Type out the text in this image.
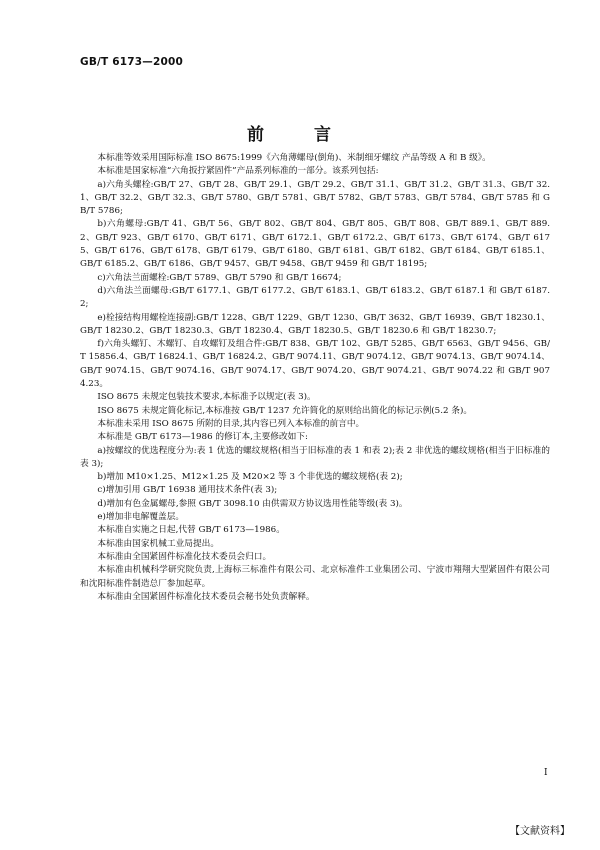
GB/T 6173—2000
前 言

本标准等效采用国际标准 ISO 8675:1999《六角薄螺母(倒角)、米制细牙螺纹 产品等级 A 和 B 级》。

本标准是国家标准“六角扳拧紧固件”产品系列标准的一部分。该系列包括:

a)六角头螺栓:GB/T 27、GB/T 28、GB/T 29.1、GB/T 29.2、GB/T 31.1、GB/T 31.2、GB/T 31.3、GB/T 32.1、GB/T 32.2、GB/T 32.3、GB/T 5780、GB/T 5781、GB/T 5782、GB/T 5783、GB/T 5784、GB/T 5785 和 GB/T 5786;

b)六角螺母:GB/T 41、GB/T 56、GB/T 802、GB/T 804、GB/T 805、GB/T 808、GB/T 889.1、GB/T 889.2、GB/T 923、GB/T 6170、GB/T 6171、GB/T 6172.1、GB/T 6172.2、GB/T 6173、GB/T 6174、GB/T 6175、GB/T 6176、GB/T 6178、GB/T 6179、GB/T 6180、GB/T 6181、GB/T 6182、GB/T 6184、GB/T 6185.1、GB/T 6185.2、GB/T 6186、GB/T 9457、GB/T 9458、GB/T 9459 和 GB/T 18195;

c)六角法兰面螺栓:GB/T 5789、GB/T 5790 和 GB/T 16674;

d)六角法兰面螺母:GB/T 6177.1、GB/T 6177.2、GB/T 6183.1、GB/T 6183.2、GB/T 6187.1 和 GB/T 6187.2;

e)栓接结构用螺栓连接副:GB/T 1228、GB/T 1229、GB/T 1230、GB/T 3632、GB/T 16939、GB/T 18230.1、GB/T 18230.2、GB/T 18230.3、GB/T 18230.4、GB/T 18230.5、GB/T 18230.6 和 GB/T 18230.7;

f)六角头螺钉、木螺钉、自攻螺钉及组合件:GB/T 838、GB/T 102、GB/T 5285、GB/T 6563、GB/T 9456、GB/T 15856.4、GB/T 16824.1、GB/T 16824.2、GB/T 9074.11、GB/T 9074.12、GB/T 9074.13、GB/T 9074.14、GB/T 9074.15、GB/T 9074.16、GB/T 9074.17、GB/T 9074.20、GB/T 9074.21、GB/T 9074.22 和 GB/T 9074.23。

ISO 8675 未规定包装技术要求,本标准予以规定(表 3)。

ISO 8675 未规定简化标记,本标准按 GB/T 1237 允许简化的原则给出简化的标记示例(5.2 条)。

本标准未采用 ISO 8675 所附的目录,其内容已列入本标准的前言中。

本标准是 GB/T 6173—1986 的修订本,主要修改如下:

a)按螺纹的优选程度分为:表 1 优选的螺纹规格(相当于旧标准的表 1 和表 2);表 2 非优选的螺纹规格(相当于旧标准的表 3);

b)增加 M10×1.25、M12×1.25 及 M20×2 等 3 个非优选的螺纹规格(表 2);

c)增加引用 GB/T 16938 通用技术条件(表 3);

d)增加有色金属螺母,参照 GB/T 3098.10 由供需双方协议选用性能等级(表 3)。

e)增加非电解覆盖层。

本标准自实施之日起,代替 GB/T 6173—1986。

本标准由国家机械工业局提出。

本标准由全国紧固件标准化技术委员会归口。

本标准由机械科学研究院负责,上海标三标准件有限公司、北京标准件工业集团公司、宁波市翔翔大型紧固件有限公司和沈阳标准件制造总厂参加起草。

本标准由全国紧固件标准化技术委员会秘书处负责解释。

I
【文献资料】
